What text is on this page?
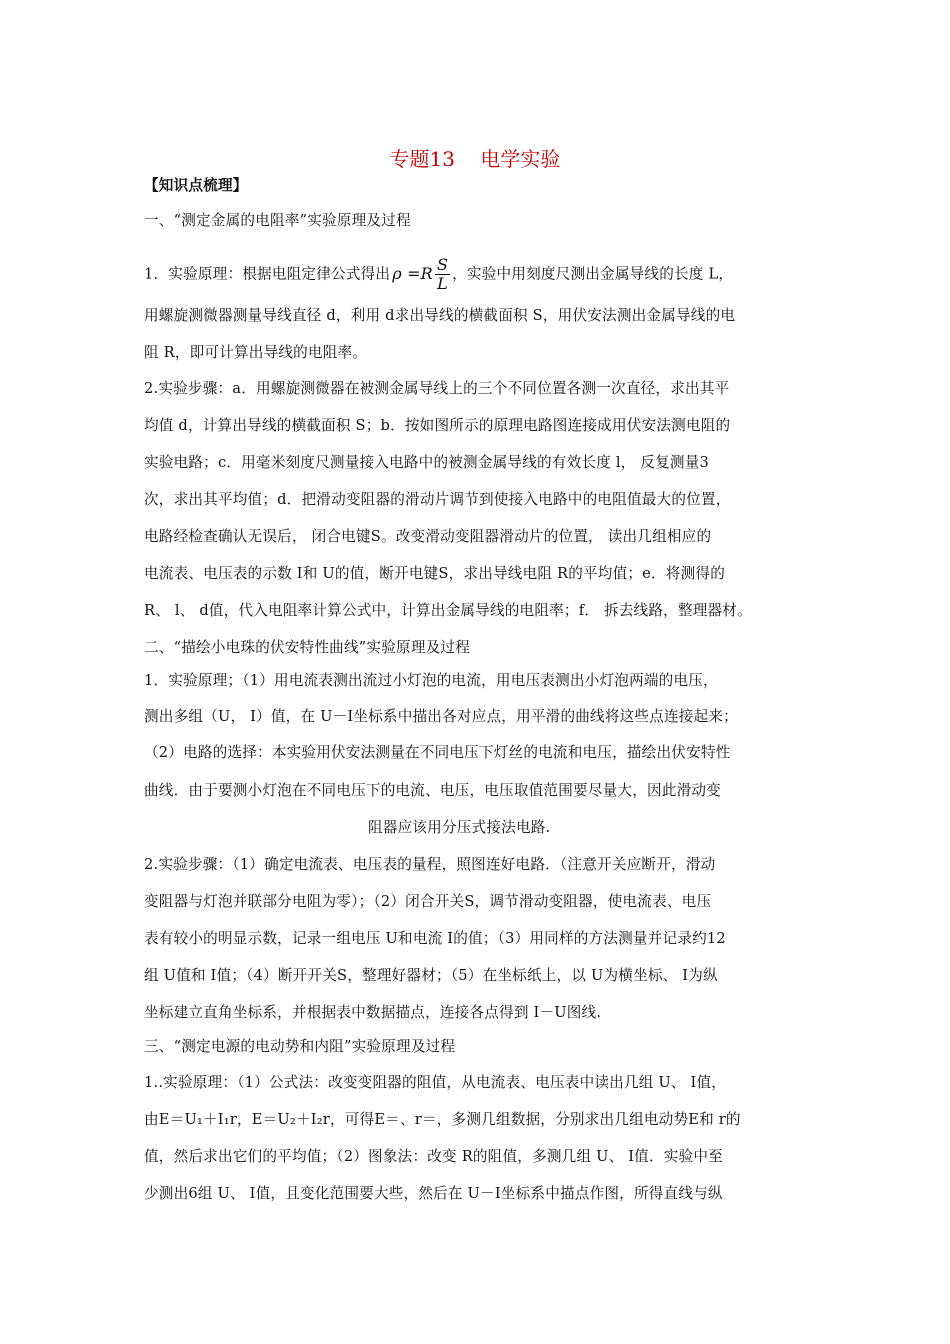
专题13    电学实验
【知识点梳理】
一、“测定金属的电阻率”实验原理及过程
1．实验原理：根据电阻定律公式得出 $\rho =R \frac{S}{L}$ ，实验中用刻度尺测出金属导线的长度 L，
用螺旋测微器测量导线直径 d，利用 d求出导线的横截面积 S，用伏安法测出金属导线的电
阻 R，即可计算出导线的电阻率。
2.实验步骤：a．用螺旋测微器在被测金属导线上的三个不同位置各测一次直径，求出其平
均值 d，计算出导线的横截面积 S；b．按如图所示的原理电路图连接成用伏安法测电阻的
实验电路；c．用毫米刻度尺测量接入电路中的被测金属导线的有效长度 l， 反复测量3
次，求出其平均值；d．把滑动变阻器的滑动片调节到使接入电路中的电阻值最大的位置，
电路经检查确认无误后， 闭合电键S。改变滑动变阻器滑动片的位置， 读出几组相应的
电流表、电压表的示数 I和 U的值，断开电键S，求出导线电阻 R的平均值；e．将测得的
R、 l、 d值，代入电阻率计算公式中，计算出金属导线的电阻率；f． 拆去线路，整理器材。
二、“描绘小电珠的伏安特性曲线”实验原理及过程
1．实验原理；（1）用电流表测出流过小灯泡的电流，用电压表测出小灯泡两端的电压，
测出多组（U， I）值，在 U－I坐标系中描出各对应点，用平滑的曲线将这些点连接起来；
（2）电路的选择：本实验用伏安法测量在不同电压下灯丝的电流和电压，描绘出伏安特性
曲线．由于要测小灯泡在不同电压下的电流、电压，电压取值范围要尽量大，因此滑动变
阻器应该用分压式接法电路.
2.实验步骤：（1）确定电流表、电压表的量程，照图连好电路．（注意开关应断开，滑动
变阻器与灯泡并联部分电阻为零）；（2）闭合开关S，调节滑动变阻器，使电流表、电压
表有较小的明显示数，记录一组电压 U和电流 I的值；（3）用同样的方法测量并记录约12
组 U值和 I值；（4）断开开关S，整理好器材；（5）在坐标纸上，以 U为横坐标、 I为纵
坐标建立直角坐标系，并根据表中数据描点，连接各点得到 I－U图线.
三、“测定电源的电动势和内阻”实验原理及过程
1..实验原理：（1）公式法：改变变阻器的阻值，从电流表、电压表中读出几组 U、 I值，
由E＝U₁＋I₁r，E＝U₂＋I₂r，可得E＝、r＝，多测几组数据，分别求出几组电动势E和 r的
值，然后求出它们的平均值；（2）图象法：改变 R的阻值，多测几组 U、 I值．实验中至
少测出6组 U、 I值，且变化范围要大些，然后在 U－I坐标系中描点作图，所得直线与纵
